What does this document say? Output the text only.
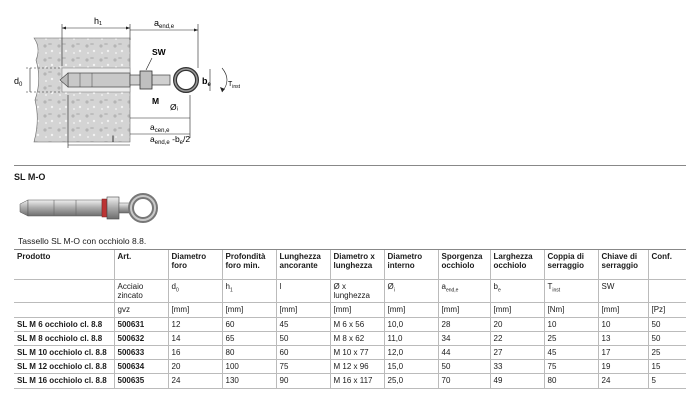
h₁	$a_{end,e}$
SW
$d_0$	$b_e$
M
Øᵢ
$T_{inst}$
l
$a_{cen,e}$
$a_{end,e}$ $-b_e/2$
SL M-O
Tassello SL M-O con occhiolo 8.8.
Prodotto	Art.	Diametro foro	Profondità foro min.	Lunghezza ancorante	Diametro x lunghezza	Diametro interno	Sporgenza occhiolo	Larghezza occhiolo	Coppia di serraggio	Chiave di serraggio	Conf.
	Acciaio zincato	$d_0$	$h_1$	l	Ø x lunghezza	$Ø_i$	$a_{end,e}$	$b_e$	$T_{inst}$	SW	
	gvz	[mm]	[mm]	[mm]	[mm]	[mm]	[mm]	[mm]	[Nm]	[mm]	[Pz]
SL M 6 occhiolo cl. 8.8	500631	12	60	45	M 6 x 56	10,0	28	20	10	10	50
SL M 8 occhiolo cl. 8.8	500632	14	65	50	M 8 x 62	11,0	34	22	25	13	50
SL M 10 occhiolo cl. 8.8	500633	16	80	60	M 10 x 77	12,0	44	27	45	17	25
SL M 12 occhiolo cl. 8.8	500634	20	100	75	M 12 x 96	15,0	50	33	75	19	15
SL M 16 occhiolo cl. 8.8	500635	24	130	90	M 16 x 117	25,0	70	49	80	24	5
